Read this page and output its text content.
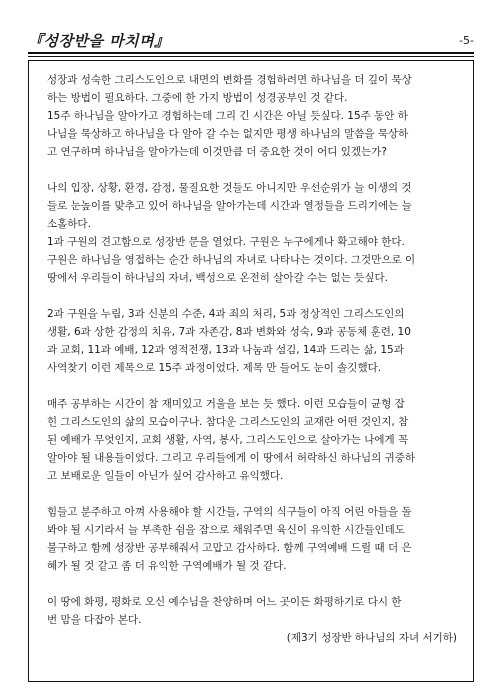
『성장반을 마치며』	-5-

성장과 성숙한 그리스도인으로 내면의 변화를 경험하려면 하나님을 더 깊이 묵상
하는 방법이 필요하다. 그중에 한 가지 방법이 성경공부인 것 같다.
15주 하나님을 알아가고 경험하는데 그리 긴 시간은 아닐 듯싶다. 15주 동안 하
나님을 묵상하고 하나님을 다 알아 갈 수는 없지만 평생 하나님의 말씀을 묵상하
고 연구하며 하나님을 알아가는데 이것만큼 더 중요한 것이 어디 있겠는가?

나의 입장, 상황, 환경, 감정, 물질요한 것들도 아니지만 우선순위가 늘 이생의 것
들로 눈높이를 맞추고 있어 하나님을 알아가는데 시간과 열정들을 드리기에는 늘
소홀하다.
1과 구원의 견고함으로 성장반 문을 열었다. 구원은 누구에게나 확고해야 한다.
구원은 하나님을 영접하는 순간 하나님의 자녀로 나타나는 것이다. 그것만으로 이
땅에서 우리들이 하나님의 자녀, 백성으로 온전히 살아갈 수는 없는 듯싶다.

2과 구원을 누림, 3과 신분의 수준, 4과 죄의 처리, 5과 정상적인 그리스도인의
생활, 6과 상한 감정의 치유, 7과 자존감, 8과 변화와 성숙, 9과 공동체 훈련, 10
과 교회, 11과 예배, 12과 영적전쟁, 13과 나눔과 섬김, 14과 드리는 삶, 15과
사역찾기 이런 제목으로 15주 과정이었다. 제목 만 들어도 눈이 솔깃했다.

매주 공부하는 시간이 참 재미있고 거울을 보는 듯 했다. 이런 모습들이 균형 잡
힌 그리스도인의 삶의 모습이구나. 참다운 그리스도인의 교재란 어떤 것인지, 참
된 예배가 무엇인지, 교회 생활, 사역, 봉사, 그리스도인으로 살아가는 나에게 꼭
알아야 될 내용들이었다. 그리고 우리들에게 이 땅에서 허락하신 하나님의 귀중하
고 보배로운 일들이 아닌가 싶어 감사하고 유익했다.

힘들고 분주하고 아껴 사용해야 할 시간들, 구역의 식구들이 아직 어린 아들을 돌
봐야 될 시기라서 늘 부족한 쉼을 잠으로 채워주면 육신이 유익한 시간들인데도
불구하고 함께 성장반 공부해줘서 고맙고 감사하다. 함께 구역예배 드릴 때 더 은
혜가 될 것 같고 좀 더 유익한 구역예배가 될 것 같다.

이 땅에 화평, 평화로 오신 예수님을 찬양하며 어느 곳이든 화평하기로 다시 한
번 맘을 다잡아 본다.

(제3기 성장반 하나님의 자녀 서기하)
